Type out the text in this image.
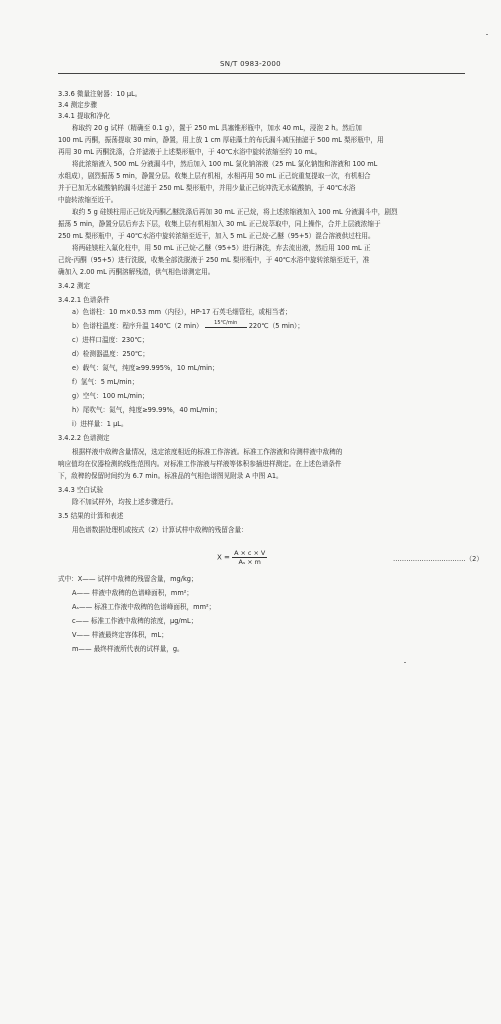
SN/T 0983-2000
3.3.6 微量注射器：10 μL。
3.4 测定步骤
3.4.1 提取和净化
称取约 20 g 试样（精确至 0.1 g），置于 250 mL 具塞锥形瓶中，加水 40 mL，浸泡 2 h。然后加
100 mL 丙酮，振荡提取 30 min，静置，用上放 1 cm 厚硅藻土的布氏漏斗减压抽滤于 500 mL 梨形瓶中，用
再用 30 mL 丙酮洗涤，合并滤液于上述梨形瓶中，于 40℃水浴中旋转浓缩至约 10 mL。
将此浓缩液入 500 mL 分液漏斗中，然后加入 100 mL 氯化钠溶液（25 mL 氯化钠饱和溶液和 100 mL
水组成），剧烈振荡 5 min，静置分层。收集上层有机相，水相再用 50 mL 正己烷重复提取一次，有机相合
并于已加无水硫酸钠的漏斗过滤于 250 mL 梨形瓶中，并用少量正己烷冲洗无水硫酸钠，于 40℃水浴
中旋转浓缩至近干。
取约 5 g 硅镁柱用正己烷及丙酮乙醚洗涤后再加 30 mL 正己烷，将上述浓缩液加入 100 mL 分液漏斗中，剧烈
振荡 5 min，静置分层后弃去下层，收集上层有机相加入 30 mL 正己烷萃取中，同上操作，合并上层液浓缩于
250 mL 梨形瓶中，于 40℃水浴中旋转浓缩至近干，加入 5 mL 正己烷-乙醚（95+5）混合溶液供过柱用。
将两硅镁柱入氟化柱中，用 50 mL 正己烷-乙醚（95+5）进行淋洗，弃去流出液，然后用 100 mL 正
己烷-丙酮（95+5）进行洗脱，收集全部洗脱液于 250 mL 梨形瓶中，于 40℃水浴中旋转浓缩至近干，准
确加入 2.00 mL 丙酮溶解残渣，供气相色谱测定用。
3.4.2 测定
3.4.2.1 色谱条件
a）色谱柱：10 m×0.53 mm（内径），HP-17 石英毛细管柱，或相当者；
b）色谱柱温度：程序升温 140℃（2 min） $^{15℃/min}$ 220℃（5 min）；
c）进样口温度：230℃；
d）检测器温度：250℃；
e）载气：氮气，纯度≥99.995%，10 mL/min；
f）氢气：5 mL/min；
g）空气：100 mL/min；
h）尾吹气：氮气，纯度≥99.99%，40 mL/min；
i）进样量：1 μL。
3.4.2.2 色谱测定
根据样液中敌稗含量情况，选定浓度相近的标准工作溶液。标准工作溶液和待测样液中敌稗的
响应值均在仪器检测的线性范围内。对标准工作溶液与样液等体积参插进样测定。在上述色谱条件
下，敌稗的保留时间约为 6.7 min。标准品的气相色谱图见附录 A 中图 A1。
3.4.3 空白试验
除不加试样外，均按上述步骤进行。
3.5 结果的计算和表述
用色谱数据处理机或按式（2）计算试样中敌稗的残留含量：
式中：X—— 试样中敌稗的残留含量，mg/kg；
A—— 样液中敌稗的色谱峰面积，mm²；
Aₛ—— 标准工作液中敌稗的色谱峰面积，mm²；
c—— 标准工作液中敌稗的浓度，μg/mL；
V—— 样液最终定容体积，mL；
m—— 最终样液所代表的试样量，g。
$X = \frac{A \times c \times V}{\text{Aₛ × m}}$	……………………………（2）
